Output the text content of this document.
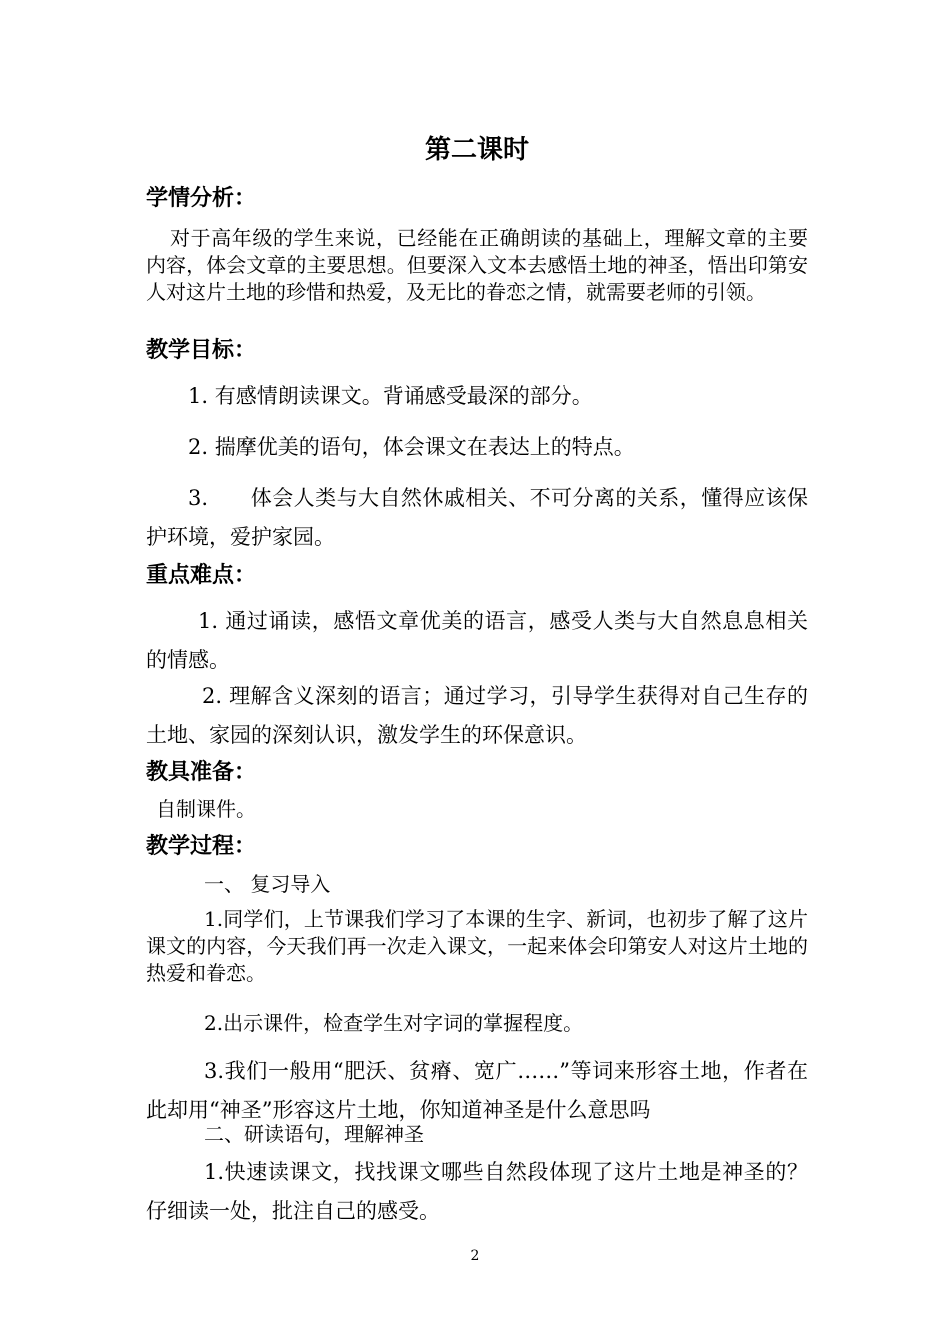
第二课时
学情分析：

对于高年级的学生来说，已经能在正确朗读的基础上，理解文章的主要内容，体会文章的主要思想。但要深入文本去感悟土地的神圣，悟出印第安人对这片土地的珍惜和热爱，及无比的眷恋之情，就需要老师的引领。

教学目标：

1. 有感情朗读课文。背诵感受最深的部分。

2. 揣摩优美的语句，体会课文在表达上的特点。

3.      体会人类与大自然休戚相关、不可分离的关系，懂得应该保护环境，爱护家园。

重点难点：

1. 通过诵读，感悟文章优美的语言，感受人类与大自然息息相关的情感。

2. 理解含义深刻的语言；通过学习，引导学生获得对自己生存的土地、家园的深刻认识，激发学生的环保意识。

教具准备：

自制课件。

教学过程：

一、 复习导入

1.同学们，上节课我们学习了本课的生字、新词，也初步了解了这片课文的内容，今天我们再一次走入课文，一起来体会印第安人对这片土地的热爱和眷恋。

2.出示课件，检查学生对字词的掌握程度。

3.我们一般用“肥沃、贫瘠、宽广……”等词来形容土地，作者在此却用“神圣”形容这片土地，你知道神圣是什么意思吗

二、研读语句，理解神圣

1.快速读课文，找找课文哪些自然段体现了这片土地是神圣的？仔细读一处，批注自己的感受。

2
